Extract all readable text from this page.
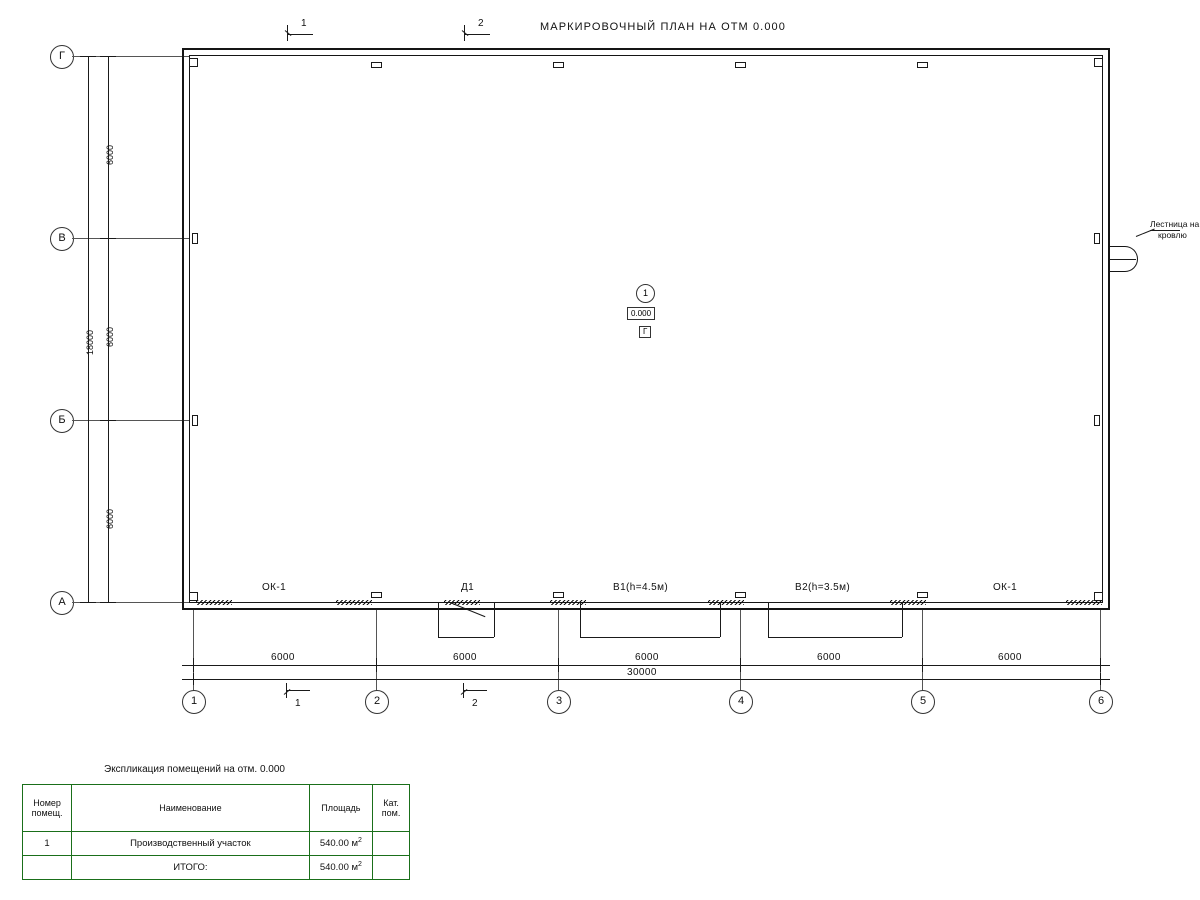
МАРКИРОВОЧНЫЙ ПЛАН НА ОТМ 0.000
Г
В
Б
А
6000
6000
6000
18000
ОК-1	Д1	В1(h=4.5м)	В2(h=3.5м)	ОК-1
Лестница на
кровлю
1
0.000
Г
1	2
6000	6000	6000	6000	6000
30000
1	2	3	4	5	6
1	2
Экспликация помещений на отм. 0.000
Номер
помещ.	Наименование	Площадь	Кат.
пом.

1	Производственный участок	540.00 $м^2$	
	ИТОГО:	540.00 $м^2$	
